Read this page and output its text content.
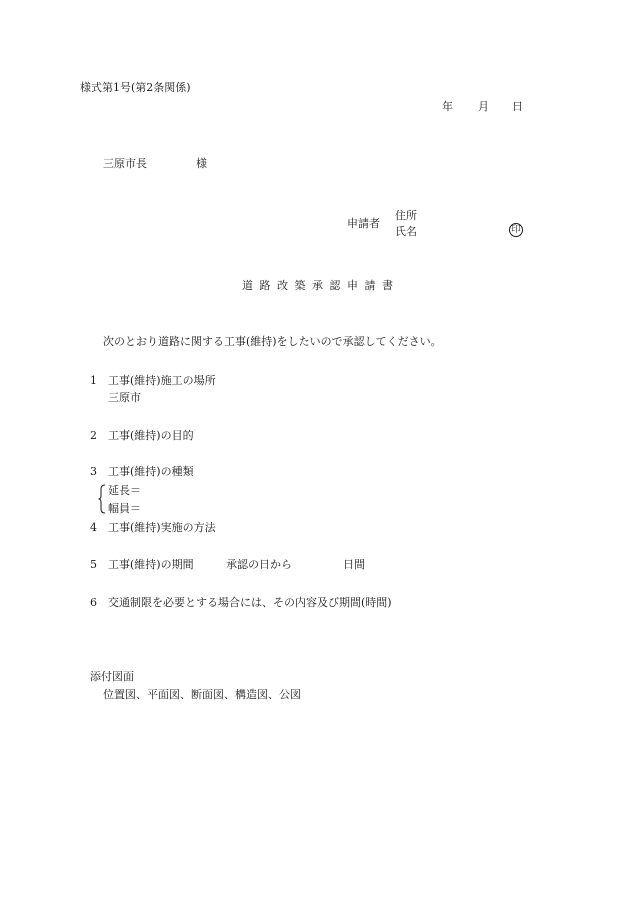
様式第1号(第2条関係)
年 月 日
三原市長	様
申請者
住所
氏名	印
道路改築承認申請書
次のとおり道路に関する工事(維持)をしたいので承認してください。
1 工事(維持)施工の場所
三原市
2 工事(維持)の目的
3 工事(維持)の種類
延長＝
幅員＝
4 工事(維持)実施の方法
5 工事(維持)の期間	承認の日から	日間
6 交通制限を必要とする場合には、その内容及び期間(時間)
添付図面
位置図、平面図、断面図、構造図、公図
